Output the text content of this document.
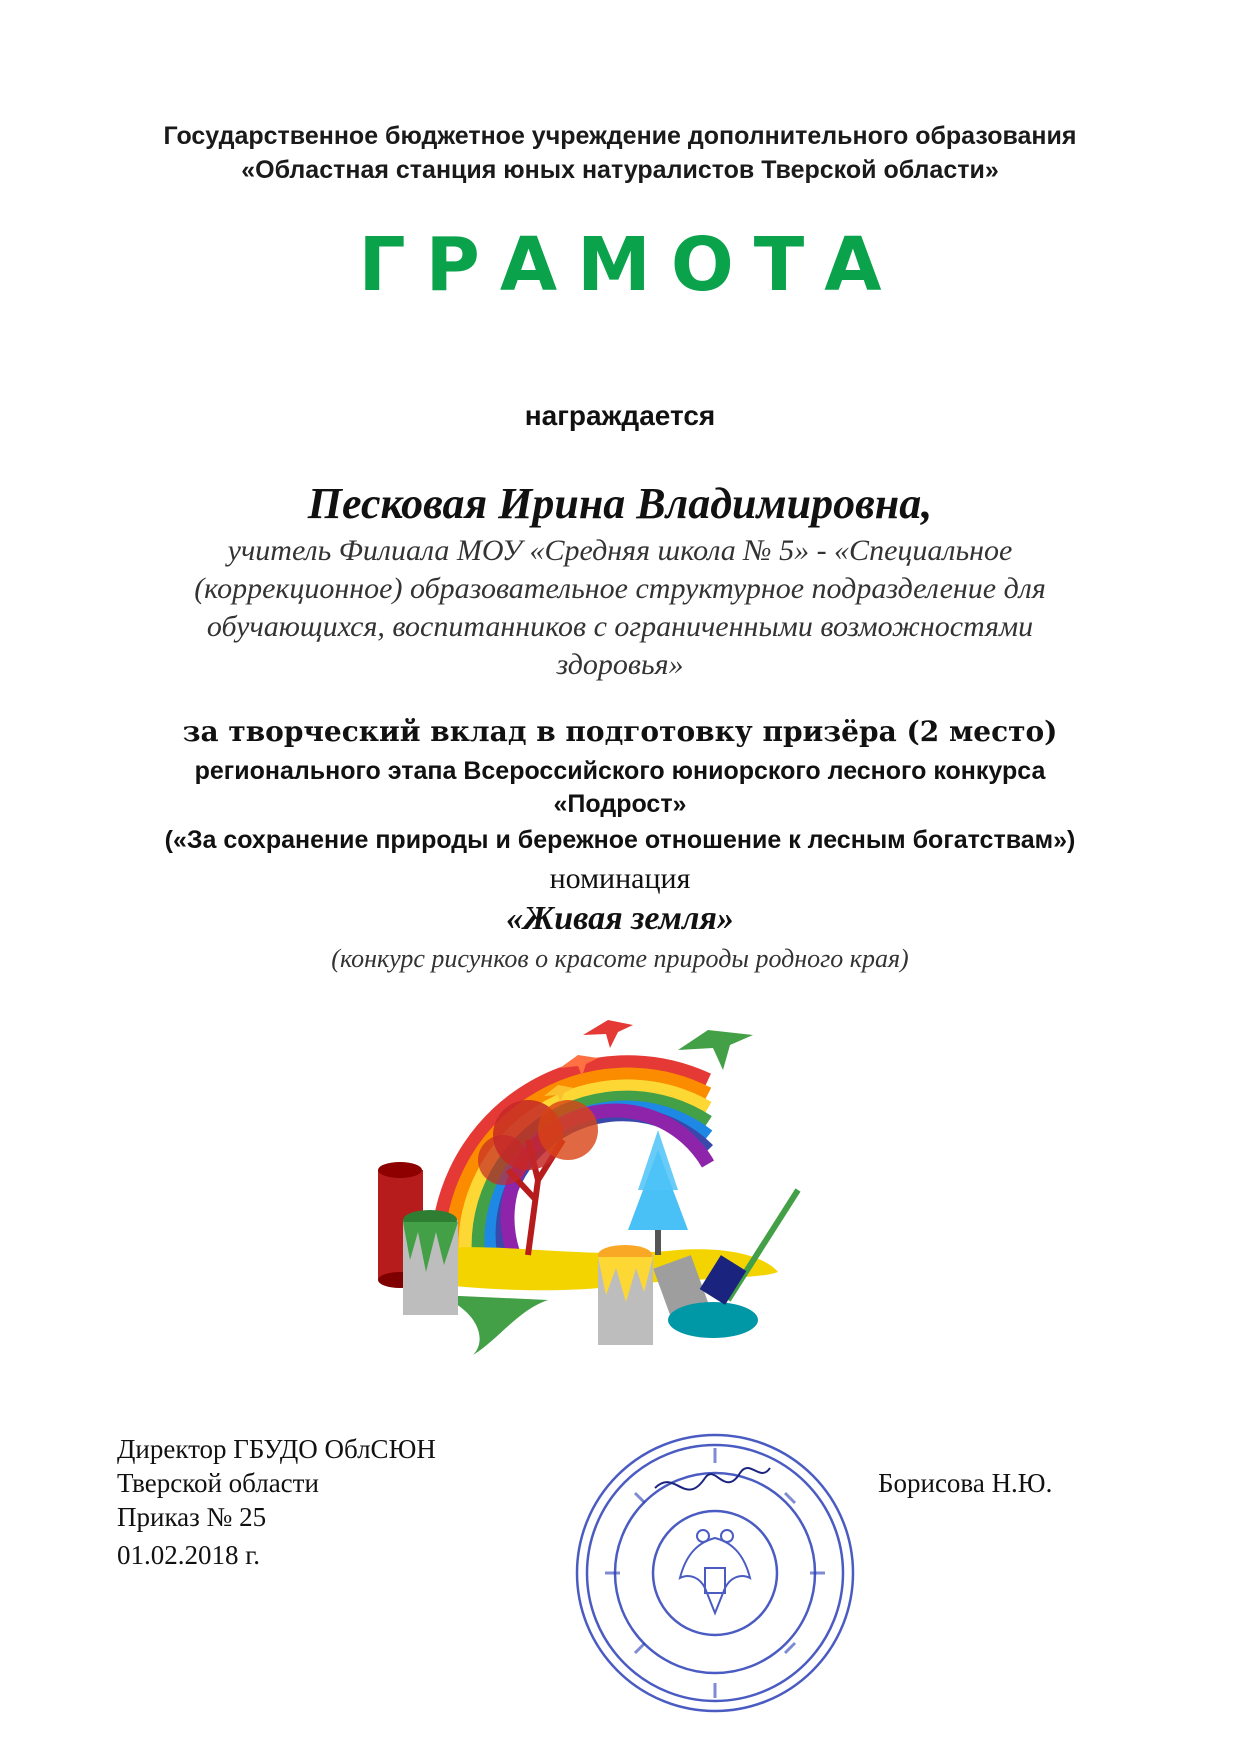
Государственное бюджетное учреждение дополнительного образования
«Областная станция юных натуралистов Тверской области»
ГРАМОТА
награждается
Песковая Ирина Владимировна,
учитель Филиала МОУ «Средняя школа № 5» - «Специальное (коррекционное) образовательное структурное подразделение для обучающихся, воспитанников с ограниченными возможностями здоровья»
за творческий вклад в подготовку призёра (2 место)
регионального этапа Всероссийского юниорского лесного конкурса
«Подрост»
(«За сохранение природы и бережное отношение к лесным богатствам»)
номинация
«Живая земля»
(конкурс рисунков о красоте природы родного края)
Директор ГБУДО ОблСЮН
Тверской области
Приказ № 25
01.02.2018 г.
Борисова Н.Ю.
